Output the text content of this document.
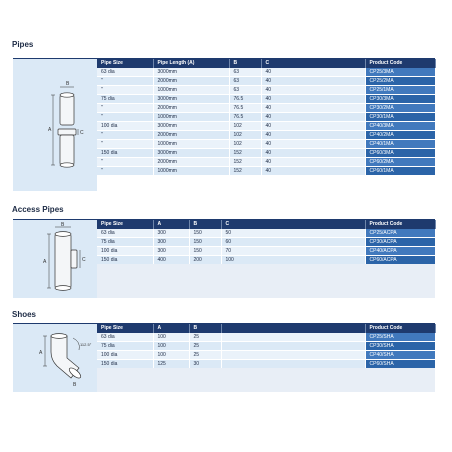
Pipes
B
A	C
Pipe Size	Pipe Length (A)	B	C	Product Code
63 dia	3000mm	63	40	CP25/3MA
"	2000mm	63	40	CP25/2MA
"	1000mm	63	40	CP25/1MA
75 dia	3000mm	76.5	40	CP30/3MA
"	2000mm	76.5	40	CP30/2MA
"	1000mm	76.5	40	CP30/1MA
100 dia	3000mm	102	40	CP40/3MA
"	2000mm	102	40	CP40/2MA
"	1000mm	102	40	CP40/1MA
150 dia	3000mm	152	40	CP60/3MA
"	2000mm	152	40	CP60/2MA
"	1000mm	152	40	CP60/1MA
Access Pipes
B
C
A
Pipe Size	A	B	C	Product Code
63 dia	300	150	50	CP25/ACPA
75 dia	300	150	60	CP30/ACPA
100 dia	300	150	70	CP40/ACPA
150 dia	400	200	100	CP60/ACPA
Shoes
A
B
112.5°
Pipe Size	A	B		Product Code
63 dia	100	25		CP25/SHA
75 dia	100	25		CP30/SHA
100 dia	100	25		CP40/SHA
150 dia	125	30		CP60/SHA
